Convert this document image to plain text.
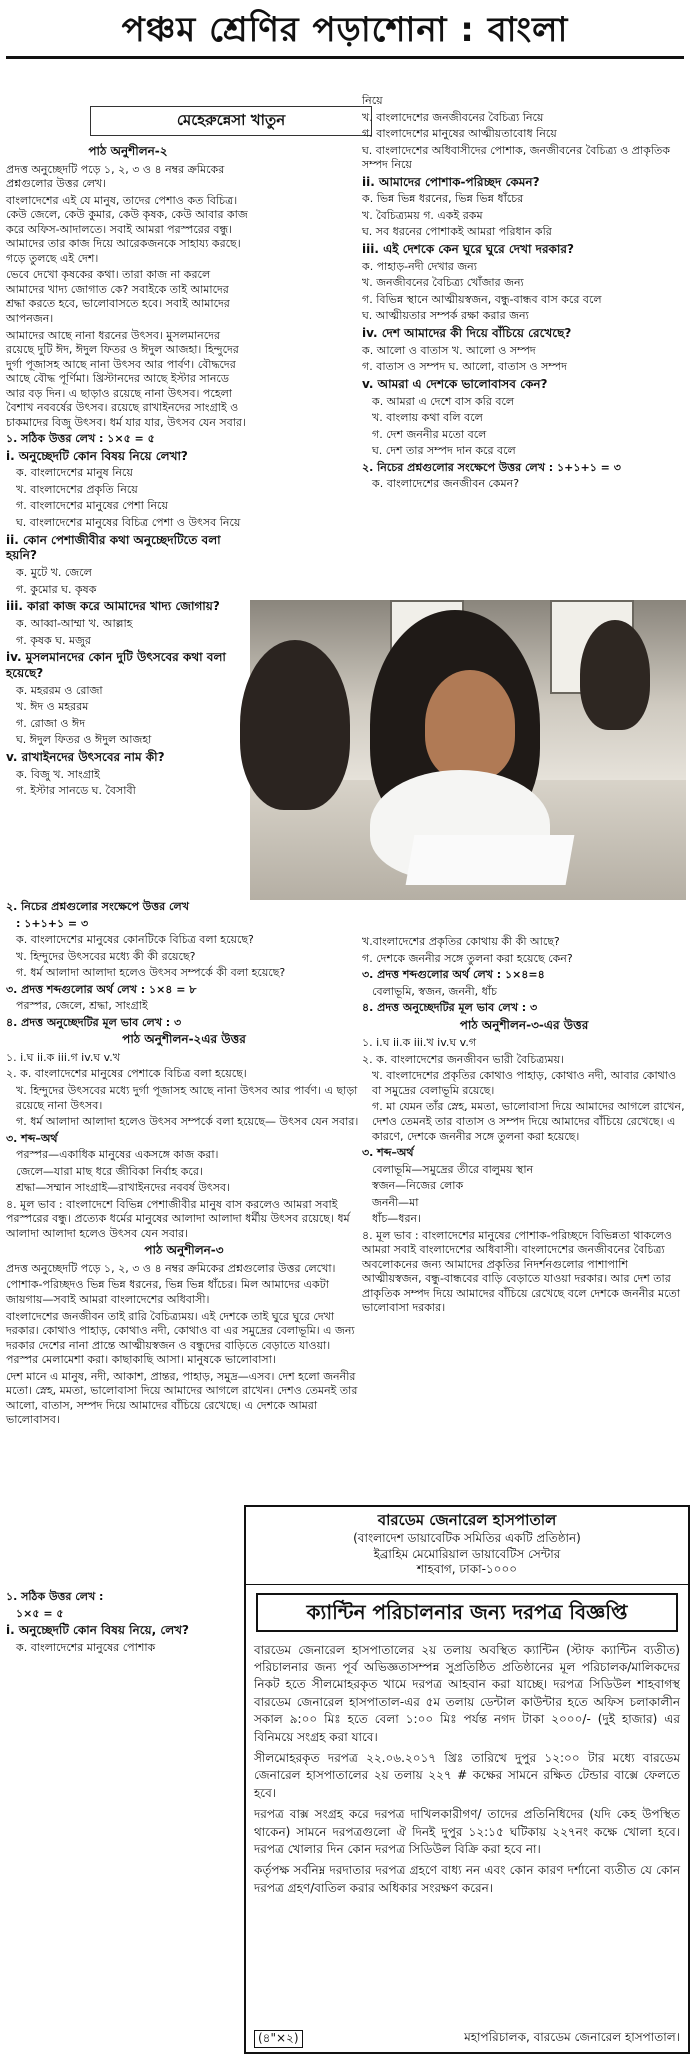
পঞ্চম শ্রেণির পড়াশোনা : বাংলা
মেহেরুন্নেসা খাতুন

পাঠ অনুশীলন-২

প্রদত্ত অনুচ্ছেদটি পড়ে ১, ২, ৩ ও ৪ নম্বর ক্রমিকের প্রশ্নগুলোর উত্তর লেখ।

বাংলাদেশের এই যে মানুষ, তাদের পেশাও কত বিচিত্র। কেউ জেলে, কেউ কুমার, কেউ কৃষক, কেউ আবার কাজ করে অফিস-আদালতে। সবাই আমরা পরস্পরের বন্ধু। আমাদের তার কাজ দিয়ে আরেকজনকে সাহায্য করছে। গড়ে তুলছে এই দেশ।

ভেবে দেখো কৃষকের কথা। তারা কাজ না করলে আমাদের খাদ্য জোগাত কে? সবাইকে তাই আমাদের শ্রদ্ধা করতে হবে, ভালোবাসতে হবে। সবাই আমাদের আপনজন।

আমাদের আছে নানা ধরনের উৎসব। মুসলমানদের রয়েছে দুটি ঈদ, ঈদুল ফিতর ও ঈদুল আজহা। হিন্দুদের দুর্গা পূজাসহ আছে নানা উৎসব আর পার্বণ। বৌদ্ধদের আছে বৌদ্ধ পূর্ণিমা। খ্রিস্টানদের আছে ইস্টার সানডে আর বড় দিন। এ ছাড়াও রয়েছে নানা উৎসব। পহেলা বৈশাখ নববর্ষের উৎসব। রয়েছে রাখাইনদের সাংগ্রাই ও চাকমাদের বিজু উৎসব। ধর্ম যার যার, উৎসব যেন সবার।

১. সঠিক উত্তর লেখ : ১×৫ = ৫

i. অনুচ্ছেদটি কোন বিষয় নিয়ে লেখা?

ক. বাংলাদেশের মানুষ নিয়ে

খ. বাংলাদেশের প্রকৃতি নিয়ে

গ. বাংলাদেশের মানুষের পেশা নিয়ে

ঘ. বাংলাদেশের মানুষের বিচিত্র পেশা ও উৎসব নিয়ে

ii. কোন পেশাজীবীর কথা অনুচ্ছেদটিতে বলা হয়নি?

ক. মুটে খ. জেলে

গ. কুমোর ঘ. কৃষক

iii. কারা কাজ করে আমাদের খাদ্য জোগায়?

ক. আব্বা-আম্মা খ. আল্লাহ

গ. কৃষক ঘ. মজুর

iv. মুসলমানদের কোন দুটি উৎসবের কথা বলা হয়েছে?

ক. মহররম ও রোজা

খ. ঈদ ও মহররম

গ. রোজা ও ঈদ

ঘ. ঈদুল ফিতর ও ঈদুল আজহা

v. রাখাইনদের উৎসবের নাম কী?

ক. বিজু খ. সাংগ্রাই

গ. ইস্টার সানডে ঘ. বৈসাবী

নিয়ে

খ. বাংলাদেশের জনজীবনের বৈচিত্র্য নিয়ে

গ. বাংলাদেশের মানুষের আত্মীয়তাবোধ নিয়ে

ঘ. বাংলাদেশের অধিবাসীদের পোশাক, জনজীবনের বৈচিত্র্য ও প্রাকৃতিক সম্পদ নিয়ে

ii. আমাদের পোশাক-পরিচ্ছদ কেমন?

ক. ভিন্ন ভিন্ন ধরনের, ভিন্ন ভিন্ন ধাঁচের

খ. বৈচিত্র্যময় গ. একই রকম

ঘ. সব ধরনের পোশাকই আমরা পরিধান করি

iii. এই দেশকে কেন ঘুরে ঘুরে দেখা দরকার?

ক. পাহাড়-নদী দেখার জন্য

খ. জনজীবনের বৈচিত্র্য খোঁজার জন্য

গ. বিভিন্ন স্থানে আত্মীয়স্বজন, বন্ধু-বান্ধব বাস করে বলে

ঘ. আত্মীয়তার সম্পর্ক রক্ষা করার জন্য

iv. দেশ আমাদের কী দিয়ে বাঁচিয়ে রেখেছে?

ক. আলো ও বাতাস খ. আলো ও সম্পদ

গ. বাতাস ও সম্পদ ঘ. আলো, বাতাস ও সম্পদ

v. আমরা এ দেশকে ভালোবাসব কেন?

ক. আমরা এ দেশে বাস করি বলে

খ. বাংলায় কথা বলি বলে

গ. দেশ জননীর মতো বলে

ঘ. দেশ তার সম্পদ দান করে বলে

২. নিচের প্রশ্নগুলোর সংক্ষেপে উত্তর লেখ : ১+১+১ = ৩

ক. বাংলাদেশের জনজীবন কেমন?

২. নিচের প্রশ্নগুলোর সংক্ষেপে উত্তর লেখ

: ১+১+১ = ৩

ক. বাংলাদেশের মানুষের কোনটিকে বিচিত্র বলা হয়েছে?

খ. হিন্দুদের উৎসবের মধ্যে কী কী রয়েছে?

গ. ধর্ম আলাদা আলাদা হলেও উৎসব সম্পর্কে কী বলা হয়েছে?

৩. প্রদত্ত শব্দগুলোর অর্থ লেখ : ১×৪ = ৮

পরস্পর, জেলে, শ্রদ্ধা, সাংগ্রাই

৪. প্রদত্ত অনুচ্ছেদটির মূল ভাব লেখ : ৩

পাঠ অনুশীলন-২এর উত্তর

১. i.ঘ ii.ক iii.গ iv.ঘ v.খ

২. ক. বাংলাদেশের মানুষের পেশাকে বিচিত্র বলা হয়েছে।

খ. হিন্দুদের উৎসবের মধ্যে দুর্গা পূজাসহ আছে নানা উৎসব আর পার্বণ। এ ছাড়া রয়েছে নানা উৎসব।

গ. ধর্ম আলাদা আলাদা হলেও উৎসব সম্পর্কে বলা হয়েছে— উৎসব যেন সবার।

৩. শব্দ–অর্থ

পরস্পর—একাধিক মানুষের একসঙ্গে কাজ করা।

জেলে—যারা মাছ ধরে জীবিকা নির্বাহ করে।

শ্রদ্ধা—সম্মান সাংগ্রাই—রাখাইনদের নববর্ষ উৎসব।

৪. মূল ভাব : বাংলাদেশে বিভিন্ন পেশাজীবীর মানুষ বাস করলেও আমরা সবাই পরস্পরের বন্ধু। প্রত্যেক ধর্মের মানুষের আলাদা আলাদা ধর্মীয় উৎসব রয়েছে। ধর্ম আলাদা আলাদা হলেও উৎসব যেন সবার।

পাঠ অনুশীলন-৩

প্রদত্ত অনুচ্ছেদটি পড়ে ১, ২, ৩ ও ৪ নম্বর ক্রমিকের প্রশ্নগুলোর উত্তর লেখো।

পোশাক-পরিচ্ছদও ভিন্ন ভিন্ন ধরনের, ভিন্ন ভিন্ন ধাঁচের। মিল আমাদের একটা জায়গায়—সবাই আমরা বাংলাদেশের অধিবাসী।

বাংলাদেশের জনজীবন তাই রারি বৈচিত্র্যময়। এই দেশকে তাই ঘুরে ঘুরে দেখা দরকার। কোথাও পাহাড়, কোথাও নদী, কোথাও বা এর সমুদ্রের বেলাভূমি। এ জন্য দরকার দেশের নানা প্রান্তে আত্মীয়স্বজন ও বন্ধুদের বাড়িতে বেড়াতে যাওয়া। পরস্পর মেলামেশা করা। কাছাকাছি আসা। মানুষকে ভালোবাসা।

দেশ মানে এ মানুষ, নদী, আকাশ, প্রান্তর, পাহাড়, সমুদ্র—এসব। দেশ হলো জননীর মতো। স্নেহ, মমতা, ভালোবাসা দিয়ে আমাদের আগলে রাখেন। দেশও তেমনই তার আলো, বাতাস, সম্পদ দিয়ে আমাদের বাঁচিয়ে রেখেছে। এ দেশকে আমরা ভালোবাসব।

খ.বাংলাদেশের প্রকৃতির কোথায় কী কী আছে?

গ. দেশকে জননীর সঙ্গে তুলনা করা হয়েছে কেন?

৩. প্রদত্ত শব্দগুলোর অর্থ লেখ : ১×৪=৪

বেলাভূমি, স্বজন, জননী, ধাঁচ

৪. প্রদত্ত অনুচ্ছেদটির মূল ভাব লেখ : ৩

পাঠ অনুশীলন-৩-এর উত্তর

১. i.ঘ ii.ক iii.খ iv.ঘ v.গ

২. ক. বাংলাদেশের জনজীবন ভারী বৈচিত্র্যময়।

খ. বাংলাদেশের প্রকৃতির কোথাও পাহাড়, কোথাও নদী, আবার কোথাও বা সমুদ্রের বেলাভূমি রয়েছে।

গ. মা যেমন তাঁর স্নেহ, মমতা, ভালোবাসা দিয়ে আমাদের আগলে রাখেন, দেশও তেমনই তার বাতাস ও সম্পদ দিয়ে আমাদের বাঁচিয়ে রেখেছে। এ কারণে, দেশকে জননীর সঙ্গে তুলনা করা হয়েছে।

৩. শব্দ–অর্থ

বেলাভূমি—সমুদ্রের তীরে বালুময় স্থান

স্বজন—নিজের লোক

জননী—মা

ধাঁচ—ধরন।

৪. মূল ভাব : বাংলাদেশের মানুষের পোশাক-পরিচ্ছদে বিভিন্নতা থাকলেও আমরা সবাই বাংলাদেশের অধিবাসী। বাংলাদেশের জনজীবনের বৈচিত্র্য অবলোকনের জন্য আমাদের প্রকৃতির নিদর্শনগুলোর পাশাপাশি আত্মীয়স্বজন, বন্ধু-বান্ধবের বাড়ি বেড়াতে যাওয়া দরকার। আর দেশ তার প্রাকৃতিক সম্পদ দিয়ে আমাদের বাঁচিয়ে রেখেছে বলে দেশকে জননীর মতো ভালোবাসা দরকার।

১. সঠিক উত্তর লেখ :

১×৫ = ৫

i. অনুচ্ছেদটি কোন বিষয় নিয়ে, লেখ?

ক. বাংলাদেশের মানুষের পোশাক

বারডেম জেনারেল হাসপাতাল
(বাংলাদেশ ডায়াবেটিক সমিতির একটি প্রতিষ্ঠান)
ইব্রাহিম মেমোরিয়াল ডায়াবেটিস সেন্টার
শাহবাগ, ঢাকা-১০০০
ক্যান্টিন পরিচালনার জন্য দরপত্র বিজ্ঞপ্তি

বারডেম জেনারেল হাসপাতালের ২য় তলায় অবস্থিত ক্যান্টিন (স্টাফ ক্যান্টিন ব্যতীত) পরিচালনার জন্য পূর্ব অভিজ্ঞতাসম্পন্ন সুপ্রতিষ্ঠিত প্রতিষ্ঠানের মূল পরিচালক/মালিকদের নিকট হতে সীলমোহরকৃত খামে দরপত্র আহবান করা যাচ্ছে। দরপত্র সিডিউল শাহবাগস্থ বারডেম জেনারেল হাসপাতাল-এর ৫ম তলায় ডেন্টাল কাউন্টার হতে অফিস চলাকালীন সকাল ৯:০০ মিঃ হতে বেলা ১:০০ মিঃ পর্যন্ত নগদ টাকা ২০০০/- (দুই হাজার) এর বিনিময়ে সংগ্রহ করা যাবে।

সীলমোহরকৃত দরপত্র ২২.০৬.২০১৭ খ্রিঃ তারিখে দুপুর ১২:০০ টার মধ্যে বারডেম জেনারেল হাসপাতালের ২য় তলায় ২২৭ # কক্ষের সামনে রক্ষিত টেন্ডার বাক্সে ফেলতে হবে।

দরপত্র বাক্স সংগ্রহ করে দরপত্র দাখিলকারীগণ/ তাদের প্রতিনিধিদের (যদি কেহ উপস্থিত থাকেন) সামনে দরপত্রগুলো ঐ দিনই দুপুর ১২:১৫ ঘটিকায় ২২৭নং কক্ষে খোলা হবে। দরপত্র খোলার দিন কোন দরপত্র সিডিউল বিক্রি করা হবে না।

কর্তৃপক্ষ সর্বনিম্ন দরদাতার দরপত্র গ্রহণে বাধ্য নন এবং কোন কারণ দর্শানো ব্যতীত যে কোন দরপত্র গ্রহণ/বাতিল করার অধিকার সংরক্ষণ করেন।

(৪"×২)	মহাপরিচালক, বারডেম জেনারেল হাসপাতাল।
